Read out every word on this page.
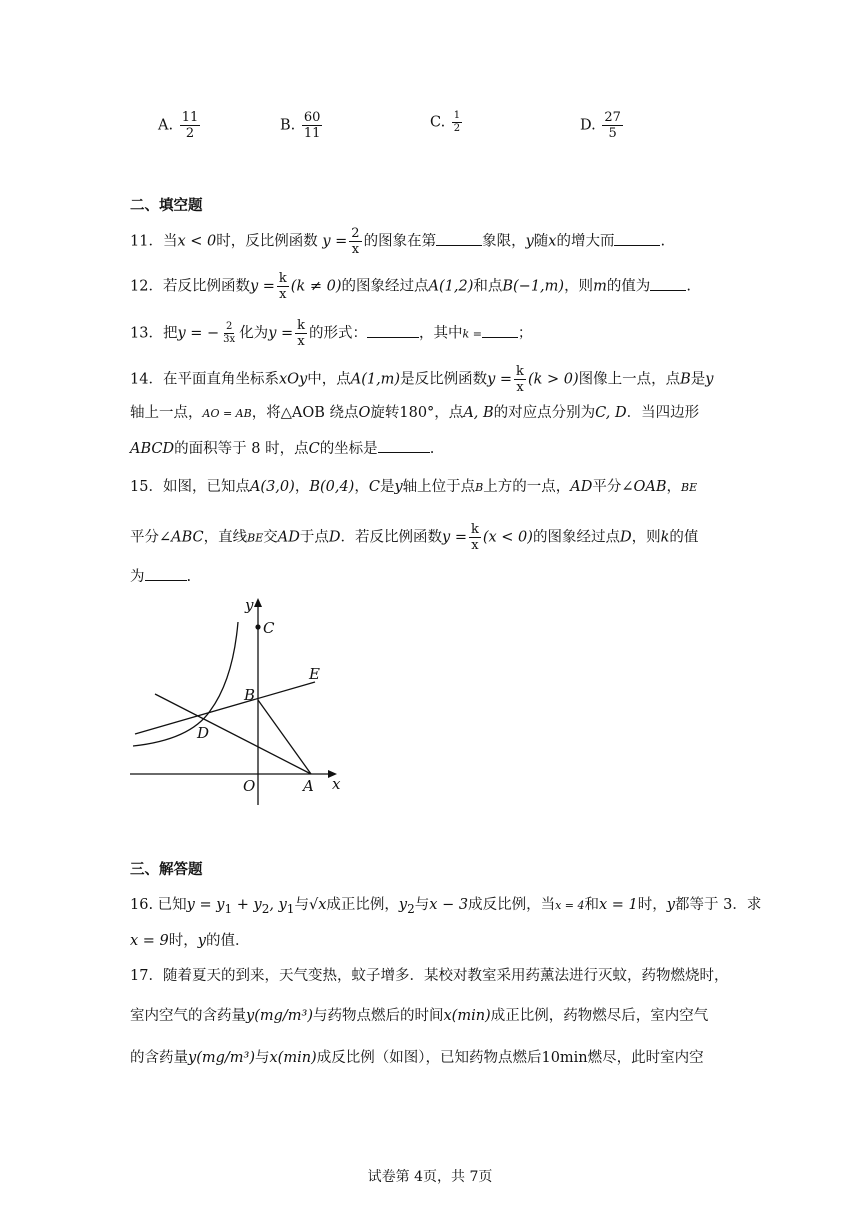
A. $\frac{11}{2}$	B. $\frac{60}{11}$	C. $\frac{1}{2}$	D. $\frac{27}{5}$
二、填空题
11．当x < 0时，反比例函数 $y = \frac{2}{x}$ 的图象在第	象限，y随x的增大而	.
12．若反比例函数$y = \frac{k}{x} (k \ne 0)$的图象经过点A(1,2)和点B(−1,m)，则m的值为 .
13．把y = − $\frac{2}{3x}$ 化为$y = \frac{k}{x}$ 的形式：	，其中k = ；
14．在平面直角坐标系xOy中，点A(1,m)是反比例函数$y = \frac{k}{x} (k > 0)$图像上一点，点B是y
轴上一点，AO = AB，将△AOB 绕点O旋转180°，点A, B的对应点分别为C, D．当四边形
ABCD的面积等于 8 时，点C的坐标是	.
15．如图，已知点A(3,0)，B(0,4)，C是y轴上位于点B上方的一点，AD平分∠OAB，BE
平分∠ABC，直线BE交AD于点D．若反比例函数$y = \frac{k}{x} (x < 0)$的图象经过点D，则k的值
为	.
y
x
C
B
E
D
O	A
三、解答题
16. 已知$y = y_1 + y_2$, $y_1$与√x成正比例，$y_2$与x − 3成反比例，当x = 4和x = 1时，y都等于 3．求
x = 9时，y的值．
17．随着夏天的到来，天气变热，蚊子增多．某校对教室采用药薰法进行灭蚊，药物燃烧时，
室内空气的含药量y(mg/m³)与药物点燃后的时间x(min)成正比例，药物燃尽后，室内空气
的含药量y(mg/m³)与x(min)成反比例（如图），已知药物点燃后10min燃尽，此时室内空
试卷第 4页，共 7页
